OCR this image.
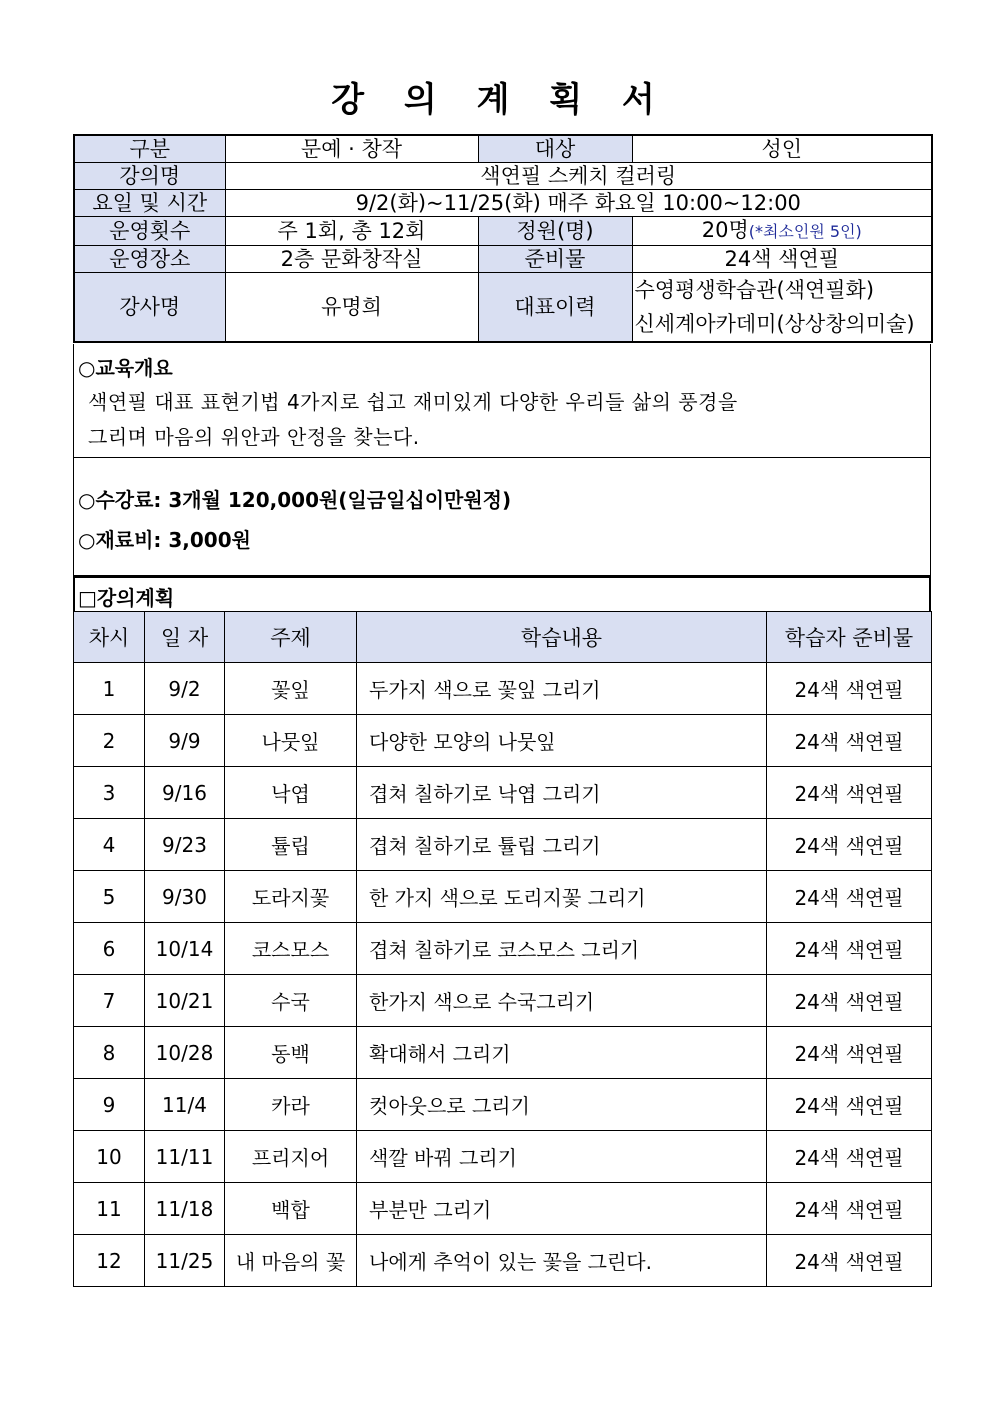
강 의 계 획 서
구분	문예 · 창작	대상	성인
강의명	색연필 스케치 컬러링		
요일 및 시간	9/2(화)~11/25(화) 매주 화요일 10:00~12:00		
운영횟수	주 1회, 총 12회	정원(명)	20명(*최소인원 5인)
운영장소	2층 문화창작실	준비물	24색 색연필
강사명	유명희	대표이력	수영평생학습관(색연필화)
신세계아카데미(상상창의미술)
○교육개요
색연필 대표 표현기법 4가지로 쉽고 재미있게 다양한 우리들 삶의 풍경을
그리며 마음의 위안과 안정을 찾는다.
○수강료: 3개월 120,000원(일금일십이만원정)
○재료비: 3,000원
□강의계획
차시	일 자	주제	학습내용	학습자 준비물
1	9/2	꽃잎	두가지 색으로 꽃잎 그리기	24색 색연필
2	9/9	나뭇잎	다양한 모양의 나뭇잎	24색 색연필
3	9/16	낙엽	겹쳐 칠하기로 낙엽 그리기	24색 색연필
4	9/23	튤립	겹쳐 칠하기로 튤립 그리기	24색 색연필
5	9/30	도라지꽃	한 가지 색으로 도리지꽃 그리기	24색 색연필
6	10/14	코스모스	겹쳐 칠하기로 코스모스 그리기	24색 색연필
7	10/21	수국	한가지 색으로 수국그리기	24색 색연필
8	10/28	동백	확대해서 그리기	24색 색연필
9	11/4	카라	컷아웃으로 그리기	24색 색연필
10	11/11	프리지어	색깔 바꿔 그리기	24색 색연필
11	11/18	백합	부분만 그리기	24색 색연필
12	11/25	내 마음의 꽃	나에게 추억이 있는 꽃을 그린다.	24색 색연필
